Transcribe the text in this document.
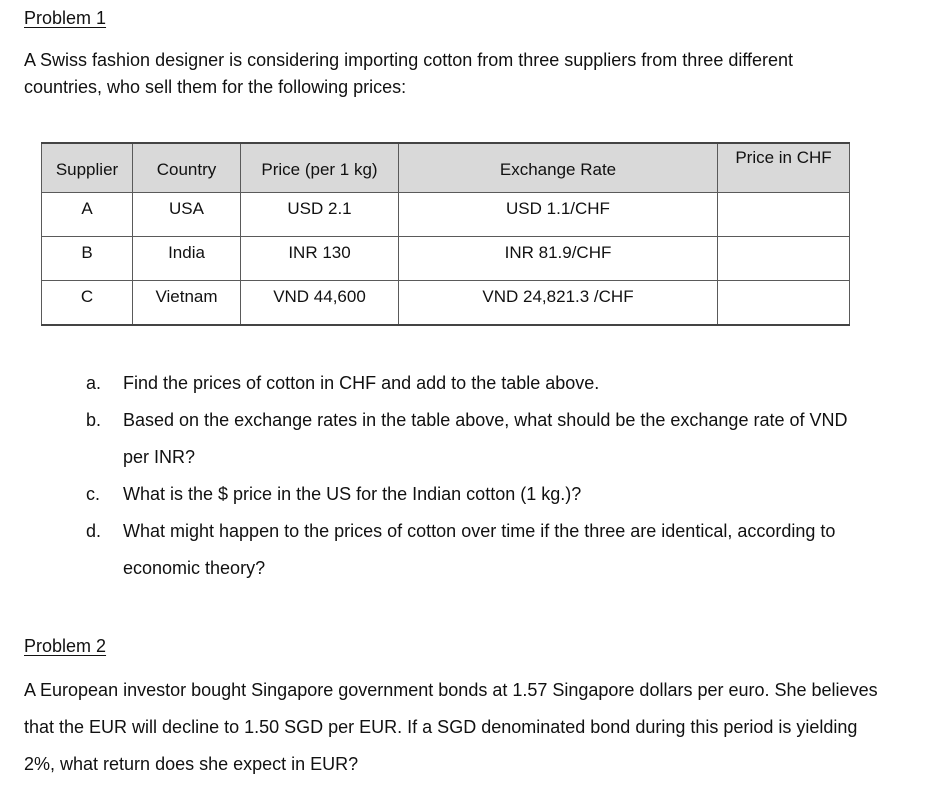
Problem 1

A Swiss fashion designer is considering importing cotton from three suppliers from three different countries, who sell them for the following prices:

Supplier	Country	Price (per 1 kg)	Exchange Rate	Price in CHF
A	USA	USD 2.1	USD 1.1/CHF	
B	India	INR 130	INR 81.9/CHF	
C	Vietnam	VND 44,600	VND 24,821.3 /CHF	
a. Find the prices of cotton in CHF and add to the table above.
b. Based on the exchange rates in the table above, what should be the exchange rate of VND per INR?
c. What is the $ price in the US for the Indian cotton (1 kg.)?
d. What might happen to the prices of cotton over time if the three are identical, according to economic theory?
Problem 2

A European investor bought Singapore government bonds at 1.57 Singapore dollars per euro. She believes that the EUR will decline to 1.50 SGD per EUR. If a SGD denominated bond during this period is yielding 2%, what return does she expect in EUR?
